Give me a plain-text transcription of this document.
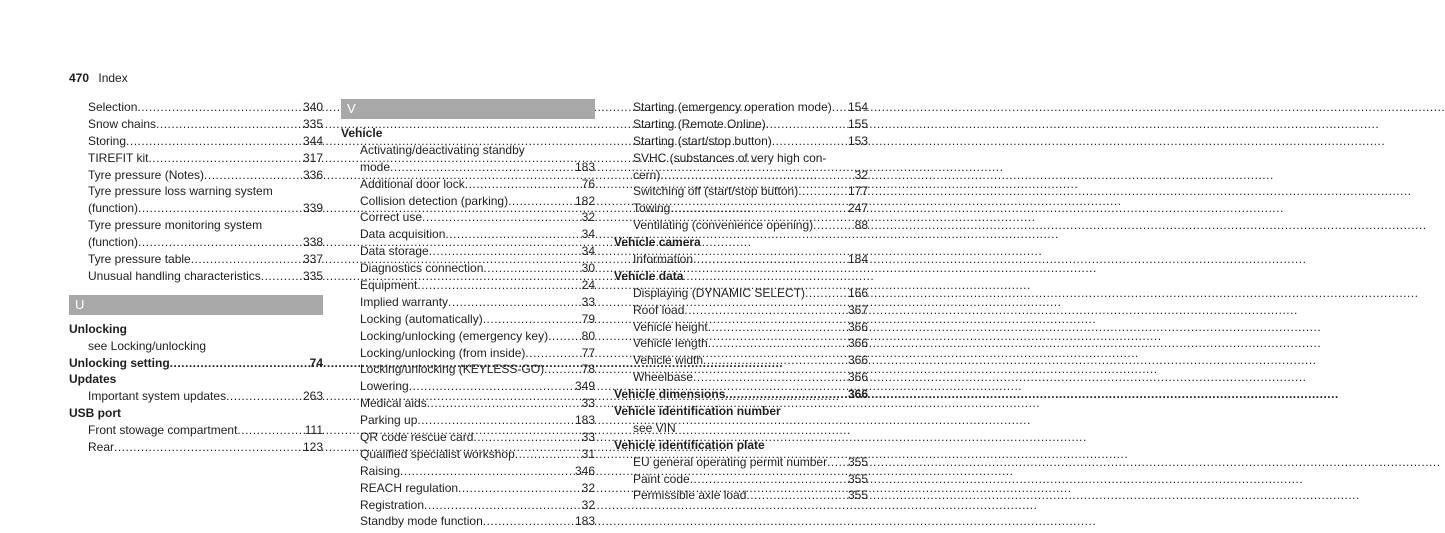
470 Index
Selection .....	340
Snow chains .....	335
Storing .....	344
TIREFIT kit .....	317
Tyre pressure (Notes) .....	336
Tyre pressure loss warning system
(function) .....	339
Tyre pressure monitoring system
(function) .....	338
Tyre pressure table .....	337
Unusual handling characteristics .....	335
U
Unlocking
see Locking/unlocking
Unlocking setting .....	74
Updates
Important system updates .....	263
USB port
Front stowage compartment .....	111
Rear .....	123
V
Vehicle
Activating/deactivating standby
mode .....	183
Additional door lock .....	76
Collision detection (parking) .....	182
Correct use .....	32
Data acquisition .....	34
Data storage .....	34
Diagnostics connection .....	30
Equipment .....	24
Implied warranty .....	33
Locking (automatically) .....	79
Locking/unlocking (emergency key) .....	80
Locking/unlocking (from inside) .....	77
Locking/unlocking (KEYLESS-GO) .....	78
Lowering .....	349
Medical aids .....	33
Parking up .....	183
QR code rescue card .....	33
Qualified specialist workshop .....	31
Raising .....	346
REACH regulation .....	32
Registration .....	32
Standby mode function .....	183
Starting (emergency operation mode) ..... 154
Starting (Remote Online) .....	155
Starting (start/stop button) .....	153
SVHC (substances of very high con-
cern) .....	32
Switching off (start/stop button) .....	177
Towing .....	247
Ventilating (convenience opening) .....	88
Vehicle camera
Information .....	184
Vehicle data
Displaying (DYNAMIC SELECT) .....	166
Roof load .....	367
Vehicle height .....	366
Vehicle length .....	366
Vehicle width .....	366
Wheelbase .....	366
Vehicle dimensions .....	366
Vehicle identification number
see VIN
Vehicle identification plate
EU general operating permit number ..... 355
Paint code .....	355
Permissible axle load .....	355
